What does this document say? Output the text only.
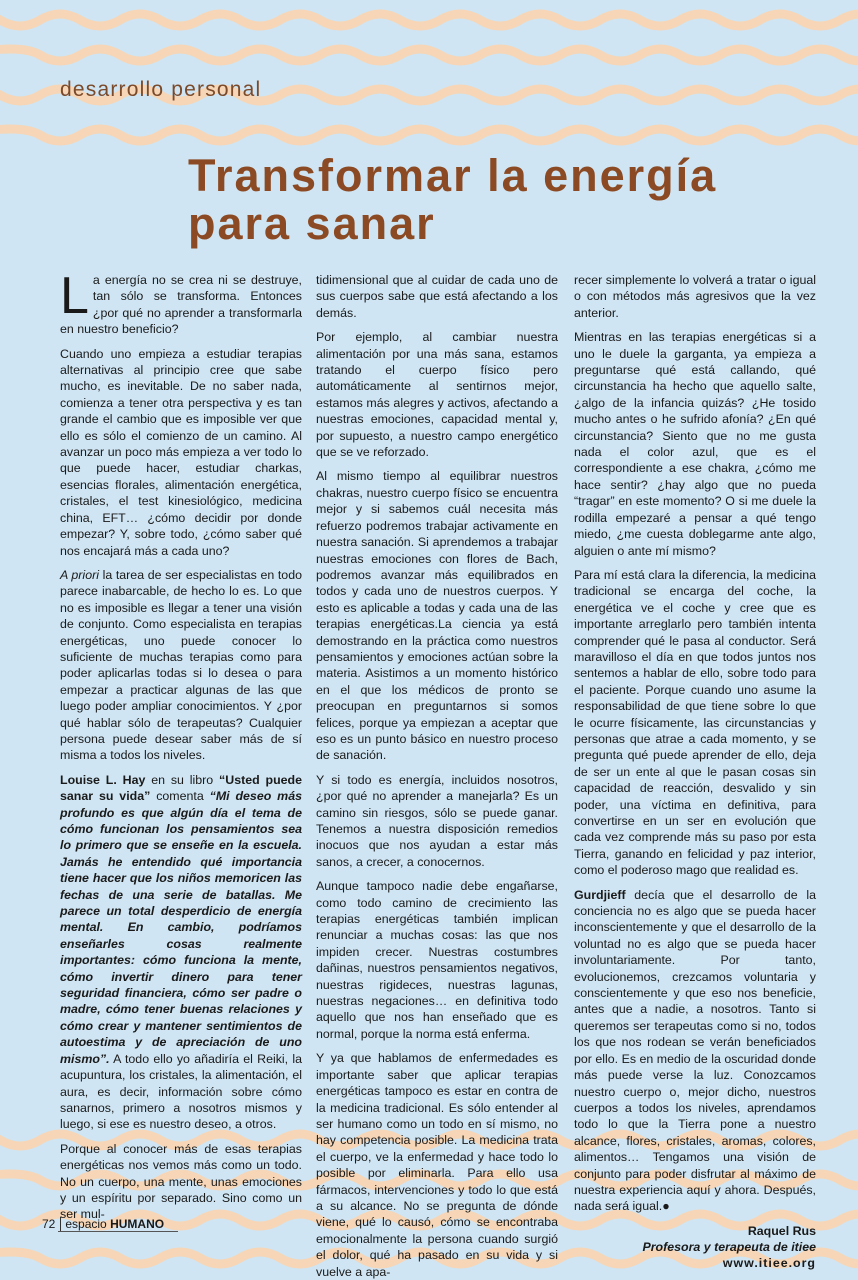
desarrollo personal
Transformar la energía
para sanar

La energía no se crea ni se destruye, tan sólo se transforma. Entonces ¿por qué no aprender a transformarla en nuestro beneficio?

Cuando uno empieza a estudiar terapias alternativas al principio cree que sabe mucho, es inevitable. De no saber nada, comienza a tener otra perspectiva y es tan grande el cambio que es imposible ver que ello es sólo el comienzo de un camino. Al avanzar un poco más empieza a ver todo lo que puede hacer, estudiar charkas, esencias florales, alimentación energética, cristales, el test kinesiológico, medicina china, EFT… ¿cómo decidir por donde empezar? Y, sobre todo, ¿cómo saber qué nos encajará más a cada uno?

A priori la tarea de ser especialistas en todo parece inabarcable, de hecho lo es. Lo que no es imposible es llegar a tener una visión de conjunto. Como especialista en terapias energéticas, uno puede conocer lo suficiente de muchas terapias como para poder aplicarlas todas si lo desea o para empezar a practicar algunas de las que luego poder ampliar conocimientos. Y ¿por qué hablar sólo de terapeutas? Cualquier persona puede desear saber más de sí misma a todos los niveles.

Louise L. Hay en su libro “Usted puede sanar su vida” comenta “Mi deseo más profundo es que algún día el tema de cómo funcionan los pensamientos sea lo primero que se enseñe en la escuela. Jamás he entendido qué importancia tiene hacer que los niños memoricen las fechas de una serie de batallas. Me parece un total desperdicio de energía mental. En cambio, podríamos enseñarles cosas realmente importantes: cómo funciona la mente, cómo invertir dinero para tener seguridad financiera, cómo ser padre o madre, cómo tener buenas relaciones y cómo crear y mantener sentimientos de autoestima y de apreciación de uno mismo”. A todo ello yo añadiría el Reiki, la acupuntura, los cristales, la alimentación, el aura, es decir, información sobre cómo sanarnos, primero a nosotros mismos y luego, si ese es nuestro deseo, a otros.

Porque al conocer más de esas terapias energéticas nos vemos más como un todo. No un cuerpo, una mente, unas emociones y un espíritu por separado. Sino como un ser mul-

tidimensional que al cuidar de cada uno de sus cuerpos sabe que está afectando a los demás.

Por ejemplo, al cambiar nuestra alimentación por una más sana, estamos tratando el cuerpo físico pero automáticamente al sentirnos mejor, estamos más alegres y activos, afectando a nuestras emociones, capacidad mental y, por supuesto, a nuestro campo energético que se ve reforzado.

Al mismo tiempo al equilibrar nuestros chakras, nuestro cuerpo físico se encuentra mejor y si sabemos cuál necesita más refuerzo podremos trabajar activamente en nuestra sanación. Si aprendemos a trabajar nuestras emociones con flores de Bach, podremos avanzar más equilibrados en todos y cada uno de nuestros cuerpos. Y esto es aplicable a todas y cada una de las terapias energéticas.La ciencia ya está demostrando en la práctica como nuestros pensamientos y emociones actúan sobre la materia. Asistimos a un momento histórico en el que los médicos de pronto se preocupan en preguntarnos si somos felices, porque ya empiezan a aceptar que eso es un punto básico en nuestro proceso de sanación.

Y si todo es energía, incluidos nosotros, ¿por qué no aprender a manejarla? Es un camino sin riesgos, sólo se puede ganar. Tenemos a nuestra disposición remedios inocuos que nos ayudan a estar más sanos, a crecer, a conocernos.

Aunque tampoco nadie debe engañarse, como todo camino de crecimiento las terapias energéticas también implican renunciar a muchas cosas: las que nos impiden crecer. Nuestras costumbres dañinas, nuestros pensamientos negativos, nuestras rigideces, nuestras lagunas, nuestras negaciones… en definitiva todo aquello que nos han enseñado que es normal, porque la norma está enferma.

Y ya que hablamos de enfermedades es importante saber que aplicar terapias energéticas tampoco es estar en contra de la medicina tradicional. Es sólo entender al ser humano como un todo en sí mismo, no hay competencia posible. La medicina trata el cuerpo, ve la enfermedad y hace todo lo posible por eliminarla. Para ello usa fármacos, intervenciones y todo lo que está a su alcance. No se pregunta de dónde viene, qué lo causó, cómo se encontraba emocionalmente la persona cuando surgió el dolor, qué ha pasado en su vida y si vuelve a apa-

recer simplemente lo volverá a tratar o igual o con métodos más agresivos que la vez anterior.

Mientras en las terapias energéticas si a uno le duele la garganta, ya empieza a preguntarse qué está callando, qué circunstancia ha hecho que aquello salte, ¿algo de la infancia quizás? ¿He tosido mucho antes o he sufrido afonía? ¿En qué circunstancia? Siento que no me gusta nada el color azul, que es el correspondiente a ese chakra, ¿cómo me hace sentir? ¿hay algo que no pueda “tragar” en este momento? O si me duele la rodilla empezaré a pensar a qué tengo miedo, ¿me cuesta doblegarme ante algo, alguien o ante mí mismo?

Para mí está clara la diferencia, la medicina tradicional se encarga del coche, la energética ve el coche y cree que es importante arreglarlo pero también intenta comprender qué le pasa al conductor. Será maravilloso el día en que todos juntos nos sentemos a hablar de ello, sobre todo para el paciente. Porque cuando uno asume la responsabilidad de que tiene sobre lo que le ocurre físicamente, las circunstancias y personas que atrae a cada momento, y se pregunta qué puede aprender de ello, deja de ser un ente al que le pasan cosas sin capacidad de reacción, desvalido y sin poder, una víctima en definitiva, para convertirse en un ser en evolución que cada vez comprende más su paso por esta Tierra, ganando en felicidad y paz interior, como el poderoso mago que realidad es.

Gurdjieff decía que el desarrollo de la conciencia no es algo que se pueda hacer inconscientemente y que el desarrollo de la voluntad no es algo que se pueda hacer involuntariamente. Por tanto, evolucionemos, crezcamos voluntaria y conscientemente y que eso nos beneficie, antes que a nadie, a nosotros. Tanto si queremos ser terapeutas como si no, todos los que nos rodean se verán beneficiados por ello. Es en medio de la oscuridad donde más puede verse la luz. Conozcamos nuestro cuerpo o, mejor dicho, nuestros cuerpos a todos los niveles, aprendamos todo lo que la Tierra pone a nuestro alcance, flores, cristales, aromas, colores, alimentos… Tengamos una visión de conjunto para poder disfrutar al máximo de nuestra experiencia aquí y ahora. Después, nada será igual.●

Raquel Rus
Profesora y terapeuta de itiee
www.itiee.org
72 espacio HUMANO
